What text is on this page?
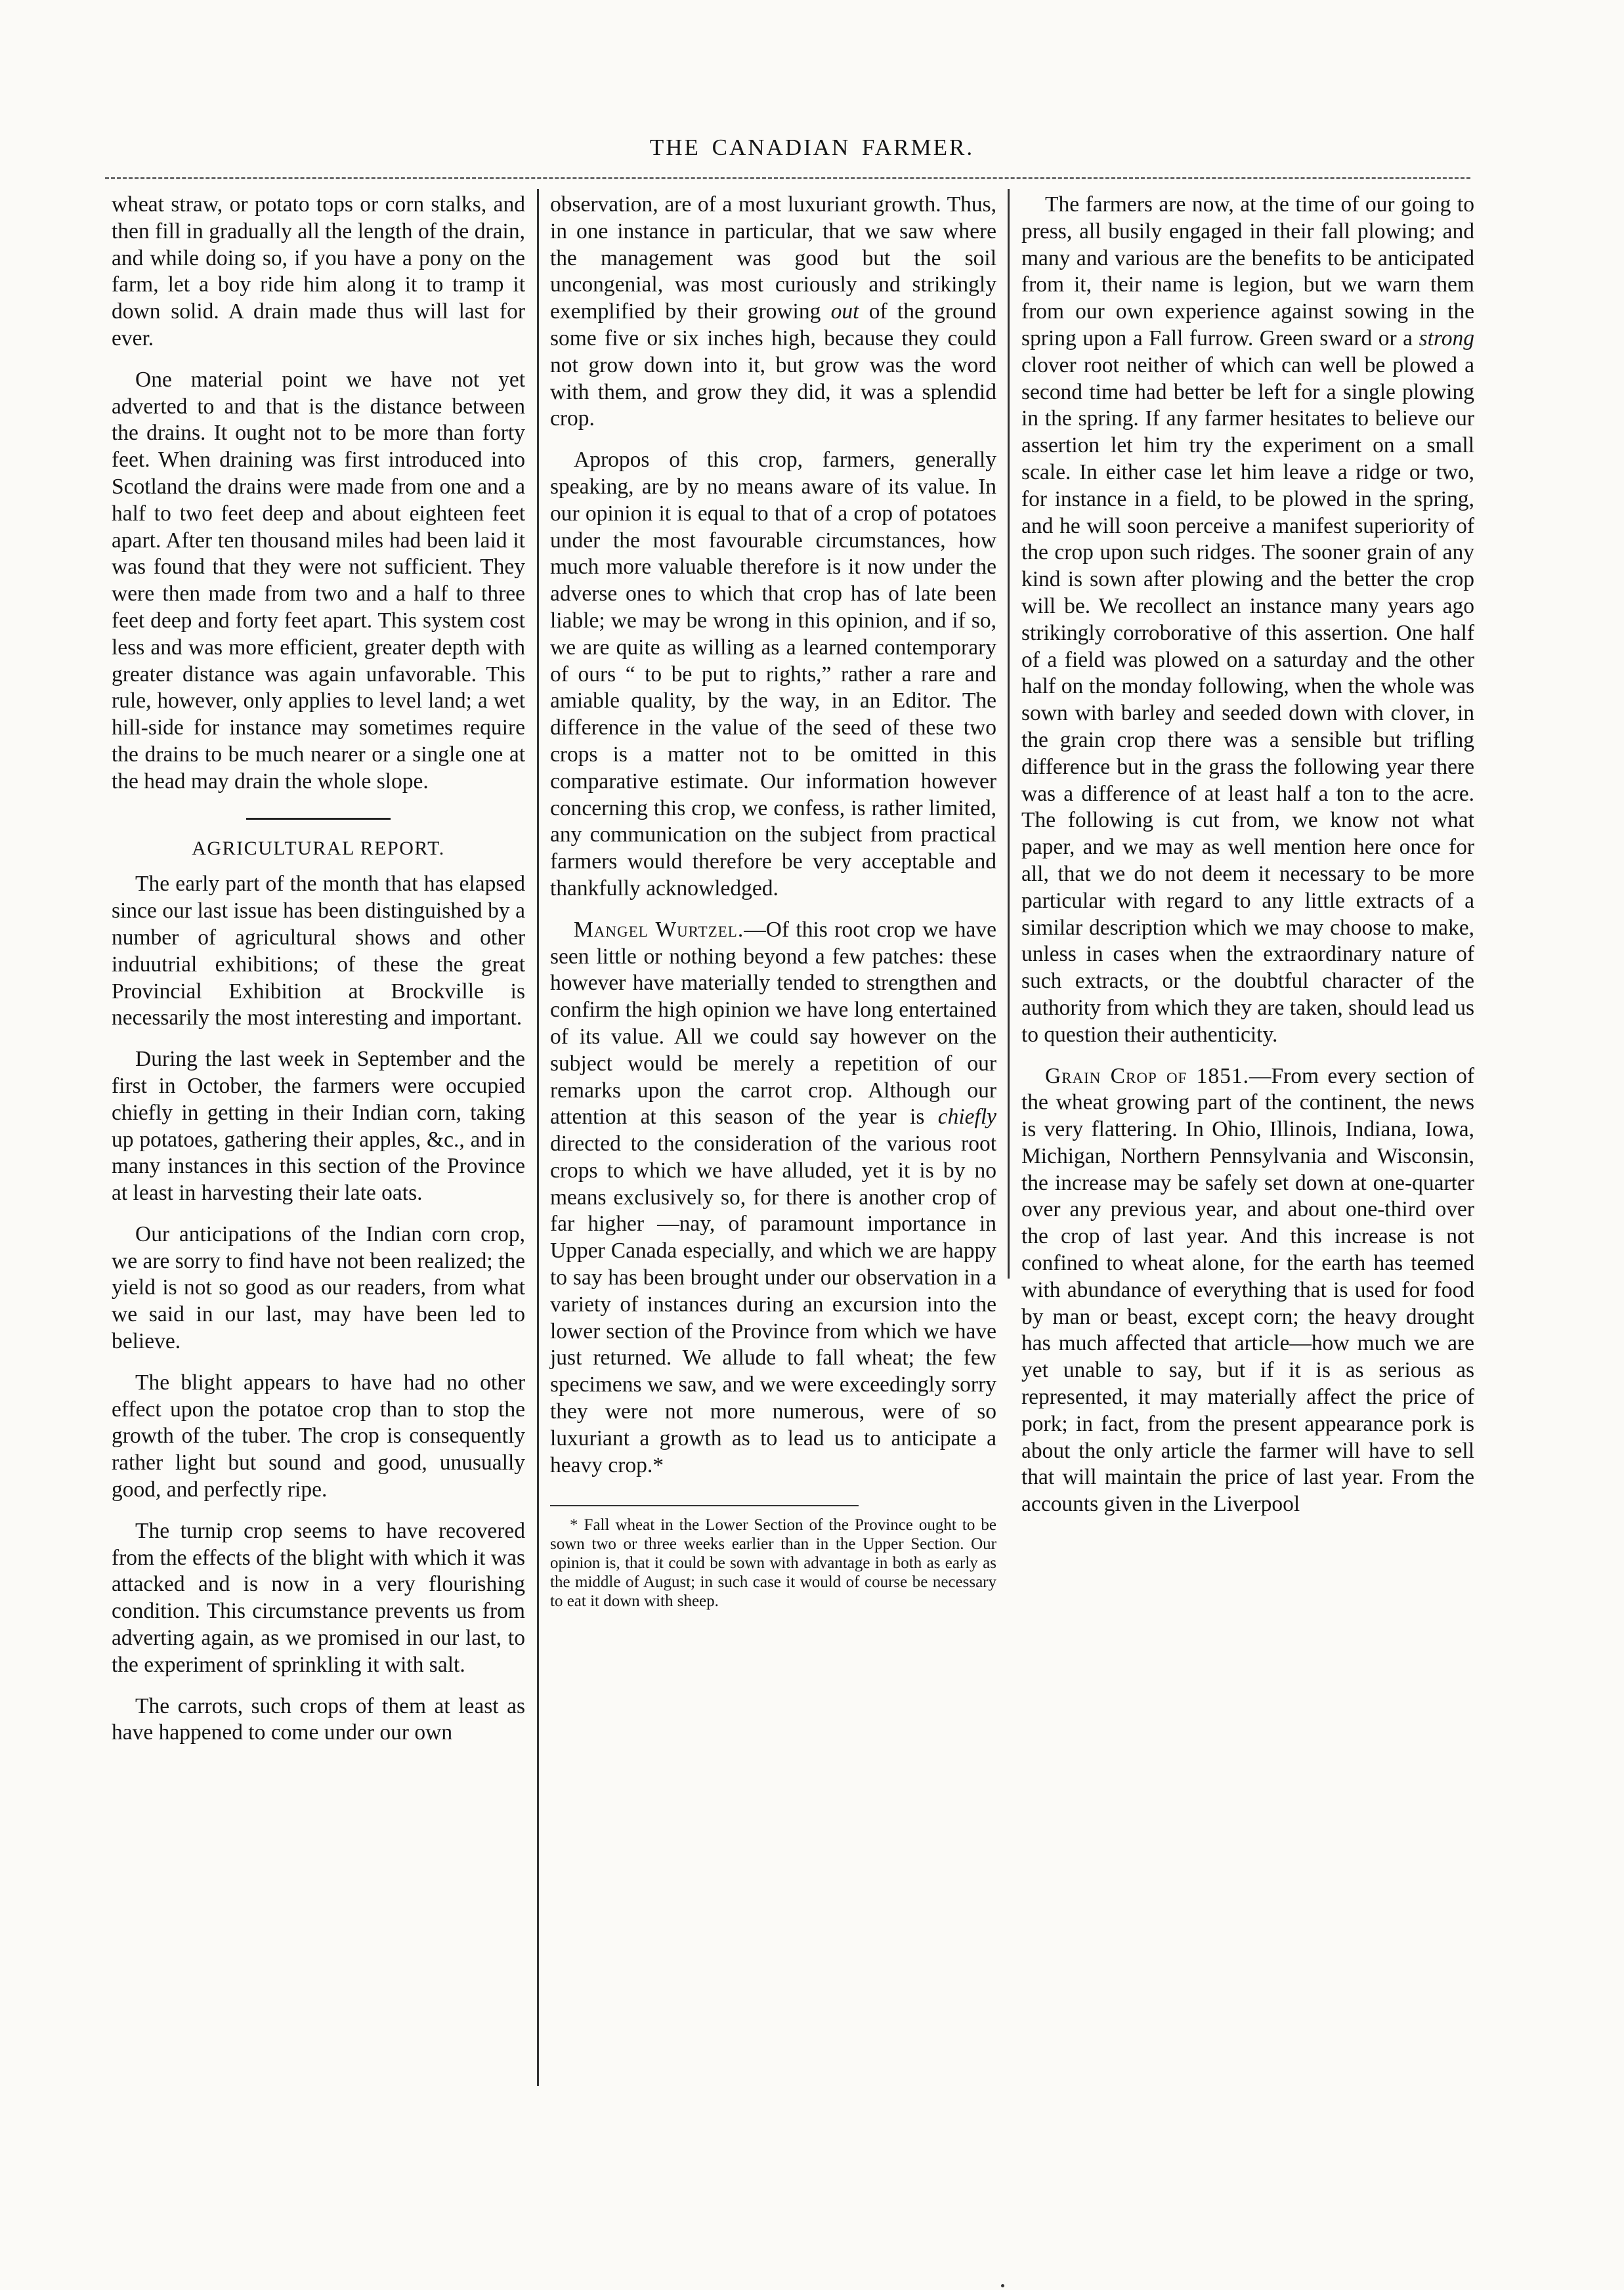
THE CANADIAN FARMER.

wheat straw, or potato tops or corn stalks, and then fill in gradually all the length of the drain, and while doing so, if you have a pony on the farm, let a boy ride him along it to tramp it down solid. A drain made thus will last for ever.

One material point we have not yet adverted to and that is the distance between the drains. It ought not to be more than forty feet. When draining was first introduced into Scotland the drains were made from one and a half to two feet deep and about eighteen feet apart. After ten thousand miles had been laid it was found that they were not sufficient. They were then made from two and a half to three feet deep and forty feet apart. This system cost less and was more efficient, greater depth with greater distance was again unfavorable. This rule, however, only applies to level land; a wet hill-side for instance may sometimes require the drains to be much nearer or a single one at the head may drain the whole slope.

AGRICULTURAL REPORT.

The early part of the month that has elapsed since our last issue has been distinguished by a number of agricultural shows and other induutrial exhibitions; of these the great Provincial Exhibition at Brockville is necessarily the most interesting and important.

During the last week in September and the first in October, the farmers were occupied chiefly in getting in their Indian corn, taking up potatoes, gathering their apples, &c., and in many instances in this section of the Province at least in harvesting their late oats.

Our anticipations of the Indian corn crop, we are sorry to find have not been realized; the yield is not so good as our readers, from what we said in our last, may have been led to believe.

The blight appears to have had no other effect upon the potatoe crop than to stop the growth of the tuber. The crop is consequently rather light but sound and good, unusually good, and perfectly ripe.

The turnip crop seems to have recovered from the effects of the blight with which it was attacked and is now in a very flourishing condition. This circumstance prevents us from adverting again, as we promised in our last, to the experiment of sprinkling it with salt.

The carrots, such crops of them at least as have happened to come under our own

observation, are of a most luxuriant growth. Thus, in one instance in particular, that we saw where the management was good but the soil uncongenial, was most curiously and strikingly exemplified by their growing out of the ground some five or six inches high, because they could not grow down into it, but grow was the word with them, and grow they did, it was a splendid crop.

Apropos of this crop, farmers, generally speaking, are by no means aware of its value. In our opinion it is equal to that of a crop of potatoes under the most favourable circumstances, how much more valuable therefore is it now under the adverse ones to which that crop has of late been liable; we may be wrong in this opinion, and if so, we are quite as willing as a learned contemporary of ours “ to be put to rights,” rather a rare and amiable quality, by the way, in an Editor. The difference in the value of the seed of these two crops is a matter not to be omitted in this comparative estimate. Our information however concerning this crop, we confess, is rather limited, any communication on the subject from practical farmers would therefore be very acceptable and thankfully acknowledged.

Mangel Wurtzel.—Of this root crop we have seen little or nothing beyond a few patches: these however have materially tended to strengthen and confirm the high opinion we have long entertained of its value. All we could say however on the subject would be merely a repetition of our remarks upon the carrot crop. Although our attention at this season of the year is chiefly directed to the consideration of the various root crops to which we have alluded, yet it is by no means exclusively so, for there is another crop of far higher —nay, of paramount importance in Upper Canada especially, and which we are happy to say has been brought under our observation in a variety of instances during an excursion into the lower section of the Province from which we have just returned. We allude to fall wheat; the few specimens we saw, and we were exceedingly sorry they were not more numerous, were of so luxuriant a growth as to lead us to anticipate a heavy crop.*

* Fall wheat in the Lower Section of the Province ought to be sown two or three weeks earlier than in the Upper Section. Our opinion is, that it could be sown with advantage in both as early as the middle of August; in such case it would of course be necessary to eat it down with sheep.

The farmers are now, at the time of our going to press, all busily engaged in their fall plowing; and many and various are the benefits to be anticipated from it, their name is legion, but we warn them from our own experience against sowing in the spring upon a Fall furrow. Green sward or a strong clover root neither of which can well be plowed a second time had better be left for a single plowing in the spring. If any farmer hesitates to believe our assertion let him try the experiment on a small scale. In either case let him leave a ridge or two, for instance in a field, to be plowed in the spring, and he will soon perceive a manifest superiority of the crop upon such ridges. The sooner grain of any kind is sown after plowing and the better the crop will be. We recollect an instance many years ago strikingly corroborative of this assertion. One half of a field was plowed on a saturday and the other half on the monday following, when the whole was sown with barley and seeded down with clover, in the grain crop there was a sensible but trifling difference but in the grass the following year there was a difference of at least half a ton to the acre. The following is cut from, we know not what paper, and we may as well mention here once for all, that we do not deem it necessary to be more particular with regard to any little extracts of a similar description which we may choose to make, unless in cases when the extraordinary nature of such extracts, or the doubtful character of the authority from which they are taken, should lead us to question their authenticity.

Grain Crop of 1851.—From every section of the wheat growing part of the continent, the news is very flattering. In Ohio, Illinois, Indiana, Iowa, Michigan, Northern Pennsylvania and Wisconsin, the increase may be safely set down at one-quarter over any previous year, and about one-third over the crop of last year. And this increase is not confined to wheat alone, for the earth has teemed with abundance of everything that is used for food by man or beast, except corn; the heavy drought has much affected that article—how much we are yet unable to say, but if it is as serious as represented, it may materially affect the price of pork; in fact, from the present appearance pork is about the only article the farmer will have to sell that will maintain the price of last year. From the accounts given in the Liverpool
